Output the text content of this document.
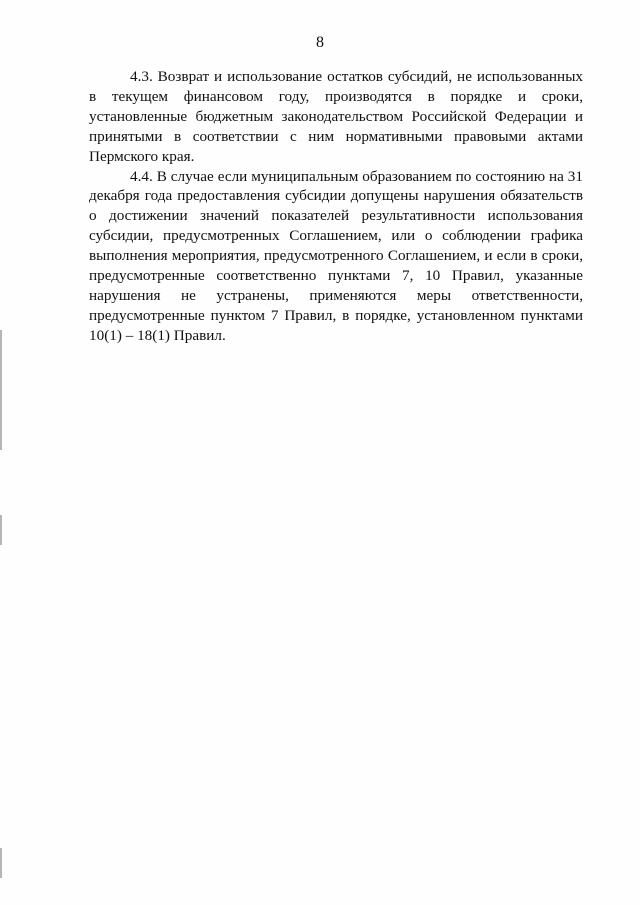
8

4.3. Возврат и использование остатков субсидий, не использованных в текущем финансовом году, производятся в порядке и сроки, установленные бюджетным законодательством Российской Федерации и принятыми в соответствии с ним нормативными правовыми актами Пермского края.

4.4. В случае если муниципальным образованием по состоянию на 31 декабря года предоставления субсидии допущены нарушения обязательств о достижении значений показателей результативности использования субсидии, предусмотренных Соглашением, или о соблюдении графика выполнения мероприятия, предусмотренного Соглашением, и если в сроки, предусмотренные соответственно пунктами 7, 10 Правил, указанные нарушения не устранены, применяются меры ответственности, предусмотренные пунктом 7 Правил, в порядке, установленном пунктами 10(1) – 18(1) Правил.
